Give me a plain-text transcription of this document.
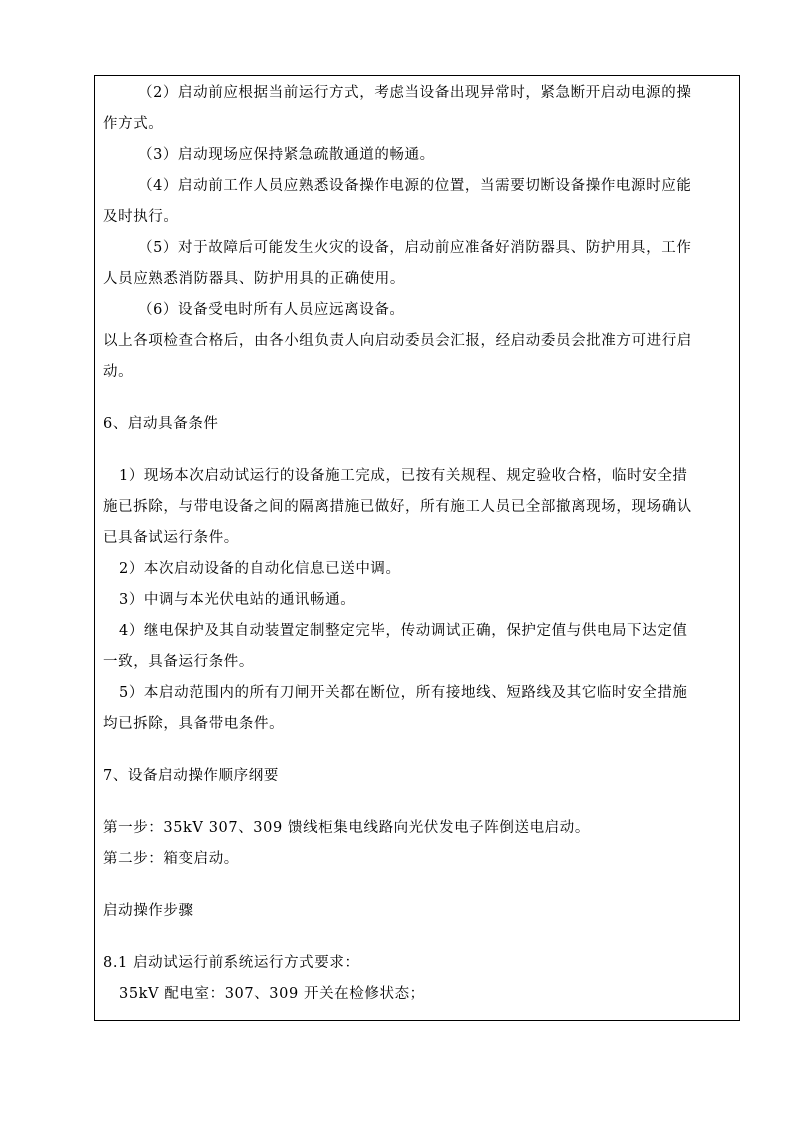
（2）启动前应根据当前运行方式，考虑当设备出现异常时，紧急断开启动电源的操

作方式。

（3）启动现场应保持紧急疏散通道的畅通。

（4）启动前工作人员应熟悉设备操作电源的位置，当需要切断设备操作电源时应能

及时执行。

（5）对于故障后可能发生火灾的设备，启动前应准备好消防器具、防护用具，工作

人员应熟悉消防器具、防护用具的正确使用。

（6）设备受电时所有人员应远离设备。

以上各项检查合格后，由各小组负责人向启动委员会汇报，经启动委员会批准方可进行启

动。

6、启动具备条件

1）现场本次启动试运行的设备施工完成，已按有关规程、规定验收合格，临时安全措

施已拆除，与带电设备之间的隔离措施已做好，所有施工人员已全部撤离现场，现场确认

已具备试运行条件。

2）本次启动设备的自动化信息已送中调。

3）中调与本光伏电站的通讯畅通。

4）继电保护及其自动装置定制整定完毕，传动调试正确，保护定值与供电局下达定值

一致，具备运行条件。

5）本启动范围内的所有刀闸开关都在断位，所有接地线、短路线及其它临时安全措施

均已拆除，具备带电条件。

7、设备启动操作顺序纲要

第一步：35kV 307、309 馈线柜集电线路向光伏发电子阵倒送电启动。

第二步：箱变启动。

启动操作步骤

8.1 启动试运行前系统运行方式要求：

35kV 配电室：307、309 开关在检修状态；
